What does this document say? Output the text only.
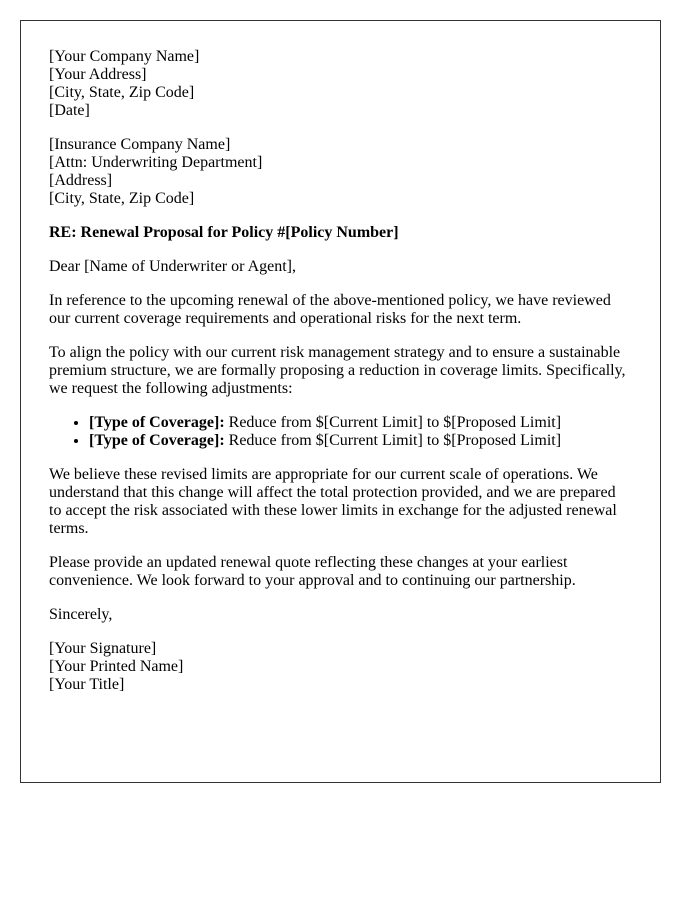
[Your Company Name]
[Your Address]
[City, State, Zip Code]
[Date]

[Insurance Company Name]
[Attn: Underwriting Department]
[Address]
[City, State, Zip Code]

RE: Renewal Proposal for Policy #[Policy Number]

Dear [Name of Underwriter or Agent],

In reference to the upcoming renewal of the above-mentioned policy, we have reviewed our current coverage requirements and operational risks for the next term.

To align the policy with our current risk management strategy and to ensure a sustainable premium structure, we are formally proposing a reduction in coverage limits. Specifically, we request the following adjustments:

• [Type of Coverage]: Reduce from $[Current Limit] to $[Proposed Limit]
• [Type of Coverage]: Reduce from $[Current Limit] to $[Proposed Limit]

We believe these revised limits are appropriate for our current scale of operations. We understand that this change will affect the total protection provided, and we are prepared to accept the risk associated with these lower limits in exchange for the adjusted renewal terms.

Please provide an updated renewal quote reflecting these changes at your earliest convenience. We look forward to your approval and to continuing our partnership.

Sincerely,

[Your Signature]
[Your Printed Name]
[Your Title]
